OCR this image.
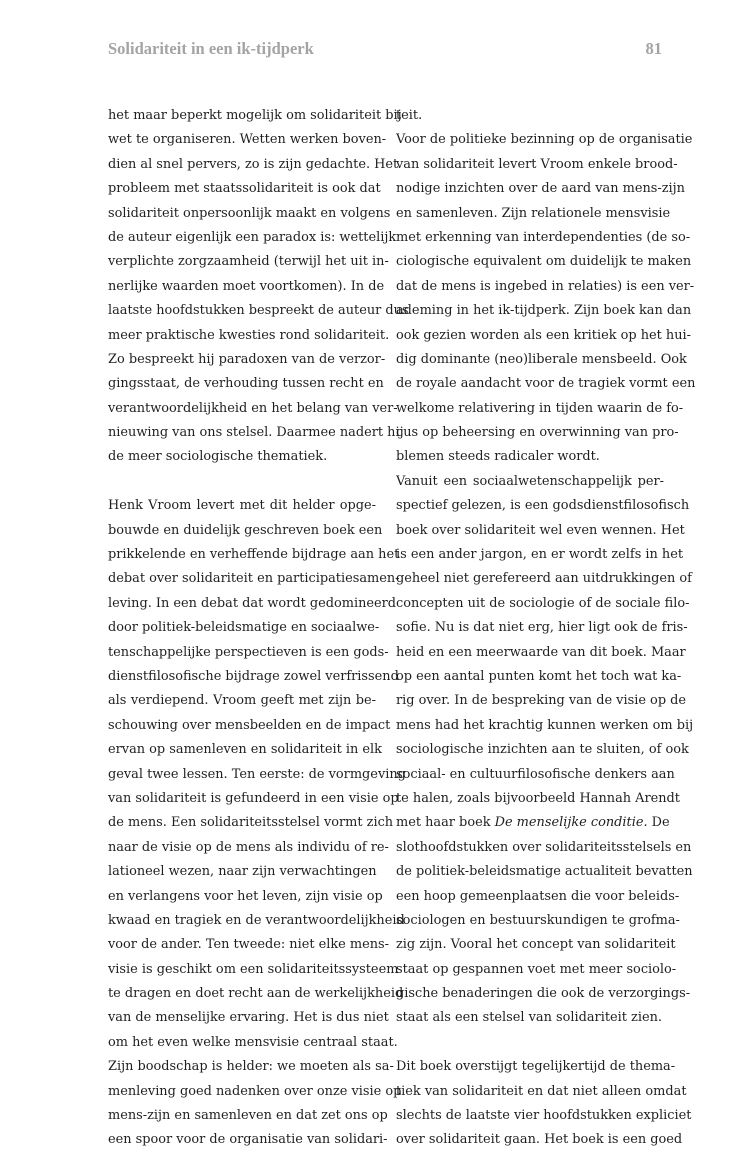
Solidariteit in een ik-tijdperk	81
het maar beperkt mogelijk om solidariteit bij
wet te organiseren. Wetten werken boven-
dien al snel pervers, zo is zijn gedachte. Het
probleem met staatssolidariteit is ook dat
solidariteit onpersoonlijk maakt en volgens
de auteur eigenlijk een paradox is: wettelijk
verplichte zorgzaamheid (terwijl het uit in-
nerlijke waarden moet voortkomen). In de
laatste hoofdstukken bespreekt de auteur dus
meer praktische kwesties rond solidariteit.
Zo bespreekt hij paradoxen van de verzor-
gingsstaat, de verhouding tussen recht en
verantwoordelijkheid en het belang van ver-
nieuwing van ons stelsel. Daarmee nadert hij
de meer sociologische thematiek.
Henk Vroom levert met dit helder opge-
bouwde en duidelijk geschreven boek een
prikkelende en verheffende bijdrage aan het
debat over solidariteit en participatiesamen-
leving. In een debat dat wordt gedomineerd
door politiek-beleidsmatige en sociaalwe-
tenschappelijke perspectieven is een gods-
dienstfilosofische bijdrage zowel verfrissend
als verdiepend. Vroom geeft met zijn be-
schouwing over mensbeelden en de impact
ervan op samenleven en solidariteit in elk
geval twee lessen. Ten eerste: de vormgeving
van solidariteit is gefundeerd in een visie op
de mens. Een solidariteitsstelsel vormt zich
naar de visie op de mens als individu of re-
lationeel wezen, naar zijn verwachtingen
en verlangens voor het leven, zijn visie op
kwaad en tragiek en de verantwoordelijkheid
voor de ander. Ten tweede: niet elke mens-
visie is geschikt om een solidariteitssysteem
te dragen en doet recht aan de werkelijkheid
van de menselijke ervaring. Het is dus niet
om het even welke mensvisie centraal staat.
Zijn boodschap is helder: we moeten als sa-
menleving goed nadenken over onze visie op
mens-zijn en samenleven en dat zet ons op
een spoor voor de organisatie van solidari-
teit.
Voor de politieke bezinning op de organisatie
van solidariteit levert Vroom enkele brood-
nodige inzichten over de aard van mens-zijn
en samenleven. Zijn relationele mensvisie
met erkenning van interdependenties (de so-
ciologische equivalent om duidelijk te maken
dat de mens is ingebed in relaties) is een ver-
ademing in het ik-tijdperk. Zijn boek kan dan
ook gezien worden als een kritiek op het hui-
dig dominante (neo)liberale mensbeeld. Ook
de royale aandacht voor de tragiek vormt een
welkome relativering in tijden waarin de fo-
cus op beheersing en overwinning van pro-
blemen steeds radicaler wordt.
Vanuit een sociaalwetenschappelijk per-
spectief gelezen, is een godsdienstfilosofisch
boek over solidariteit wel even wennen. Het
is een ander jargon, en er wordt zelfs in het
geheel niet gerefereerd aan uitdrukkingen of
concepten uit de sociologie of de sociale filo-
sofie. Nu is dat niet erg, hier ligt ook de fris-
heid en een meerwaarde van dit boek. Maar
op een aantal punten komt het toch wat ka-
rig over. In de bespreking van de visie op de
mens had het krachtig kunnen werken om bij
sociologische inzichten aan te sluiten, of ook
sociaal- en cultuurfilosofische denkers aan
te halen, zoals bijvoorbeeld Hannah Arendt
met haar boek De menselijke conditie. De
slothoofdstukken over solidariteitsstelsels en
de politiek-beleidsmatige actualiteit bevatten
een hoop gemeenplaatsen die voor beleids-
sociologen en bestuurskundigen te grofma-
zig zijn. Vooral het concept van solidariteit
staat op gespannen voet met meer sociolo-
gische benaderingen die ook de verzorgings-
staat als een stelsel van solidariteit zien.
Dit boek overstijgt tegelijkertijd de thema-
tiek van solidariteit en dat niet alleen omdat
slechts de laatste vier hoofdstukken expliciet
over solidariteit gaan. Het boek is een goed
